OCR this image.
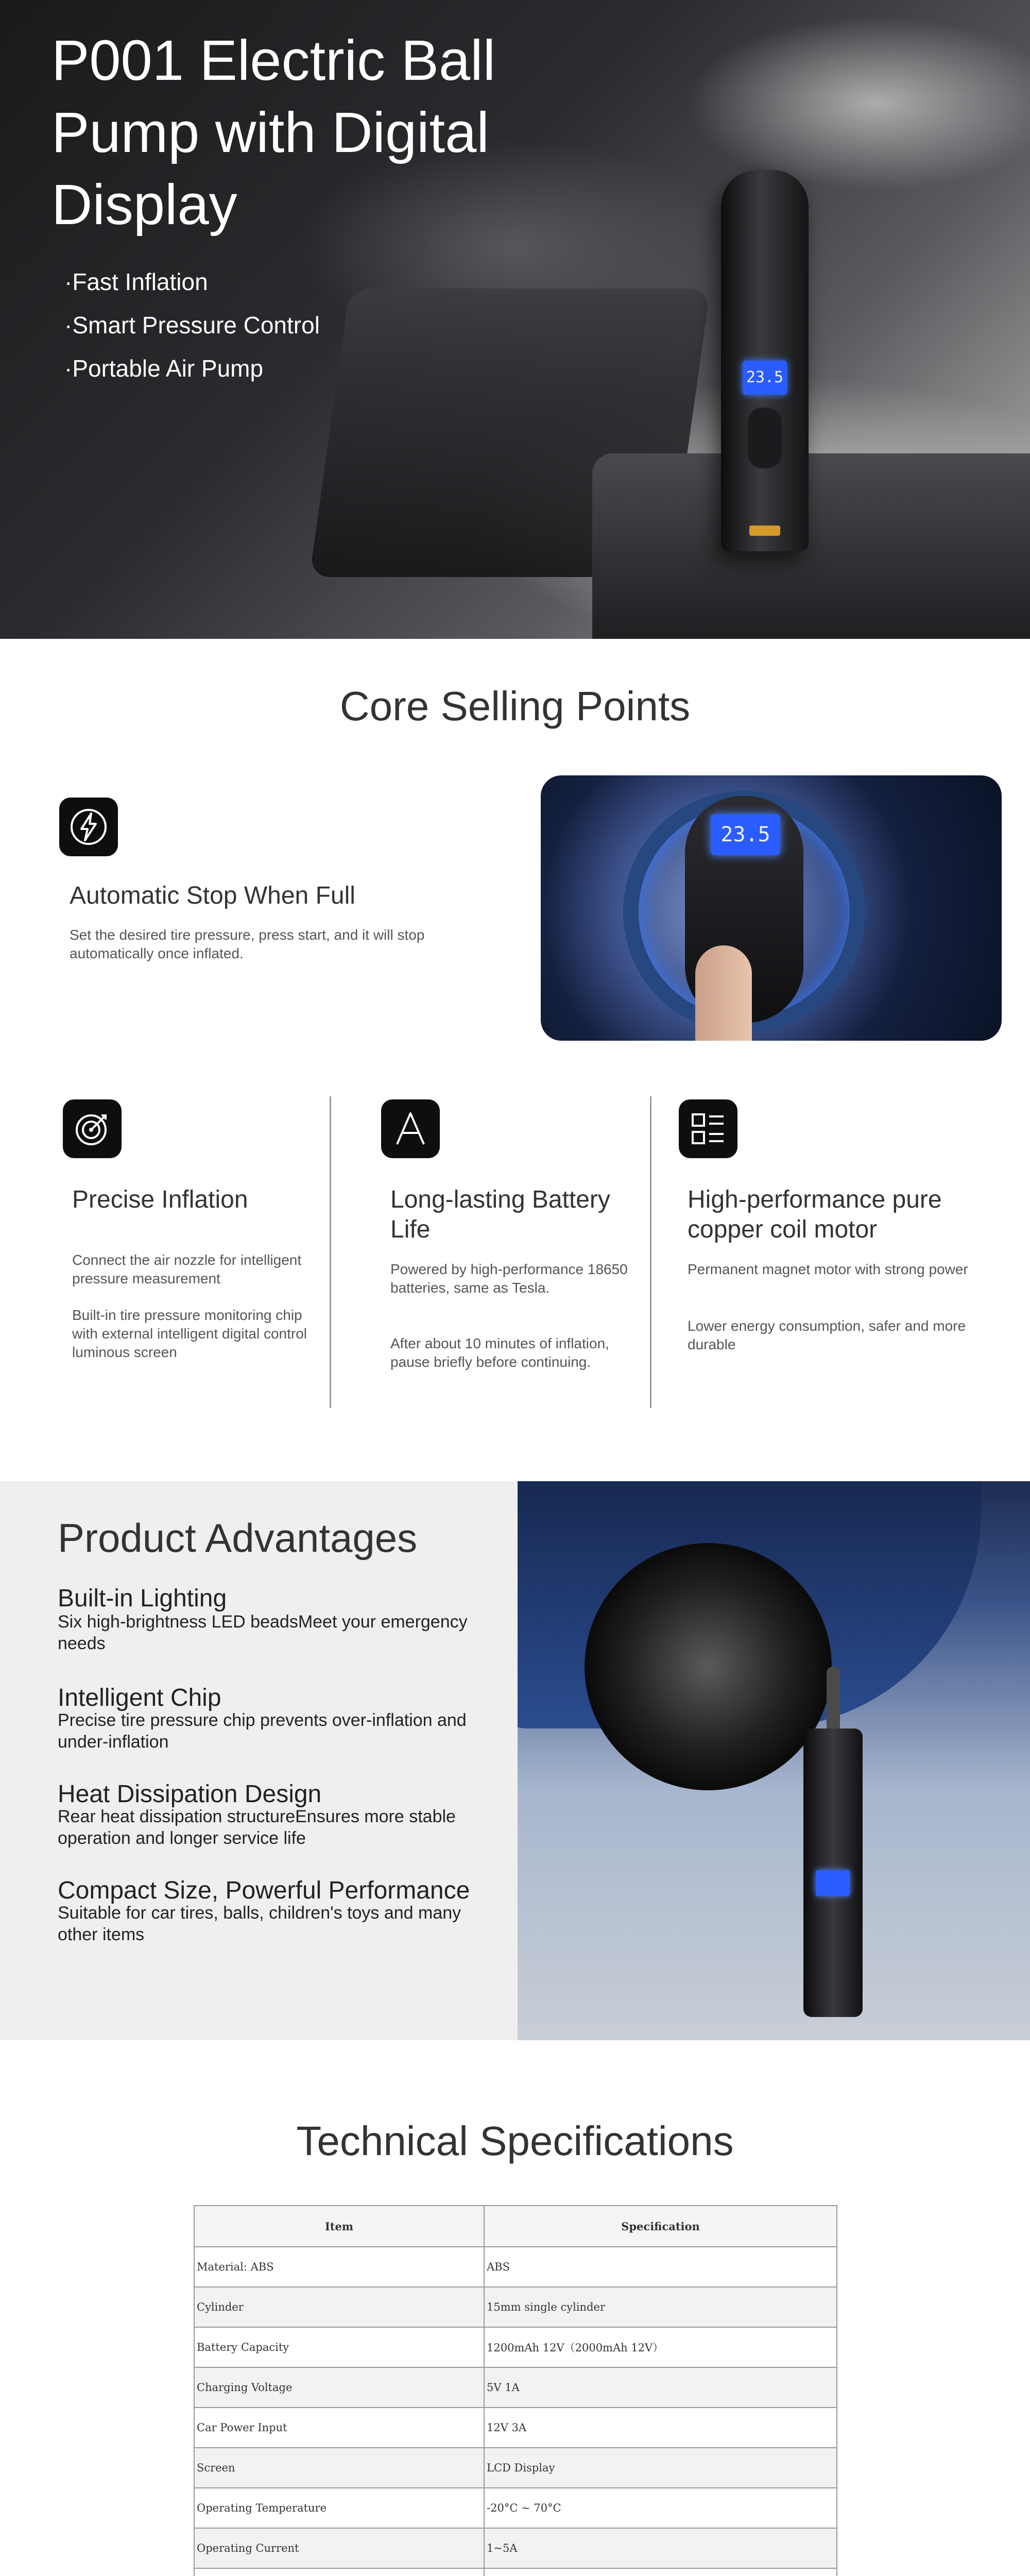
23.5
P001 Electric Ball Pump with Digital Display
·Fast Inflation
·Smart Pressure Control
·Portable Air Pump
Core Selling Points
Automatic Stop When Full
Set the desired tire pressure, press start, and it will stop automatically once inflated.
23.5
Precise Inflation
Connect the air nozzle for intelligent pressure measurement
Built-in tire pressure monitoring chip with external intelligent digital control luminous screen
Long-lasting Battery Life
Powered by high-performance 18650 batteries, same as Tesla.
After about 10 minutes of inflation, pause briefly before continuing.
High-performance pure copper coil motor
Permanent magnet motor with strong power
Lower energy consumption, safer and more durable
Product Advantages
Built-in Lighting
Six high-brightness LED beadsMeet your emergency needs
Intelligent Chip
Precise tire pressure chip prevents over-inflation and under-inflation
Heat Dissipation Design
Rear heat dissipation structureEnsures more stable operation and longer service life
Compact Size, Powerful Performance
Suitable for car tires, balls, children's toys and many other items
Technical Specifications
Item	Specification
Material: ABS	ABS
Cylinder	15mm single cylinder
Battery Capacity	1200mAh 12V（2000mAh 12V）
Charging Voltage	5V 1A
Car Power Input	12V 3A
Screen	LCD Display
Operating Temperature	-20°C ~ 70°C
Operating Current	1~5A
